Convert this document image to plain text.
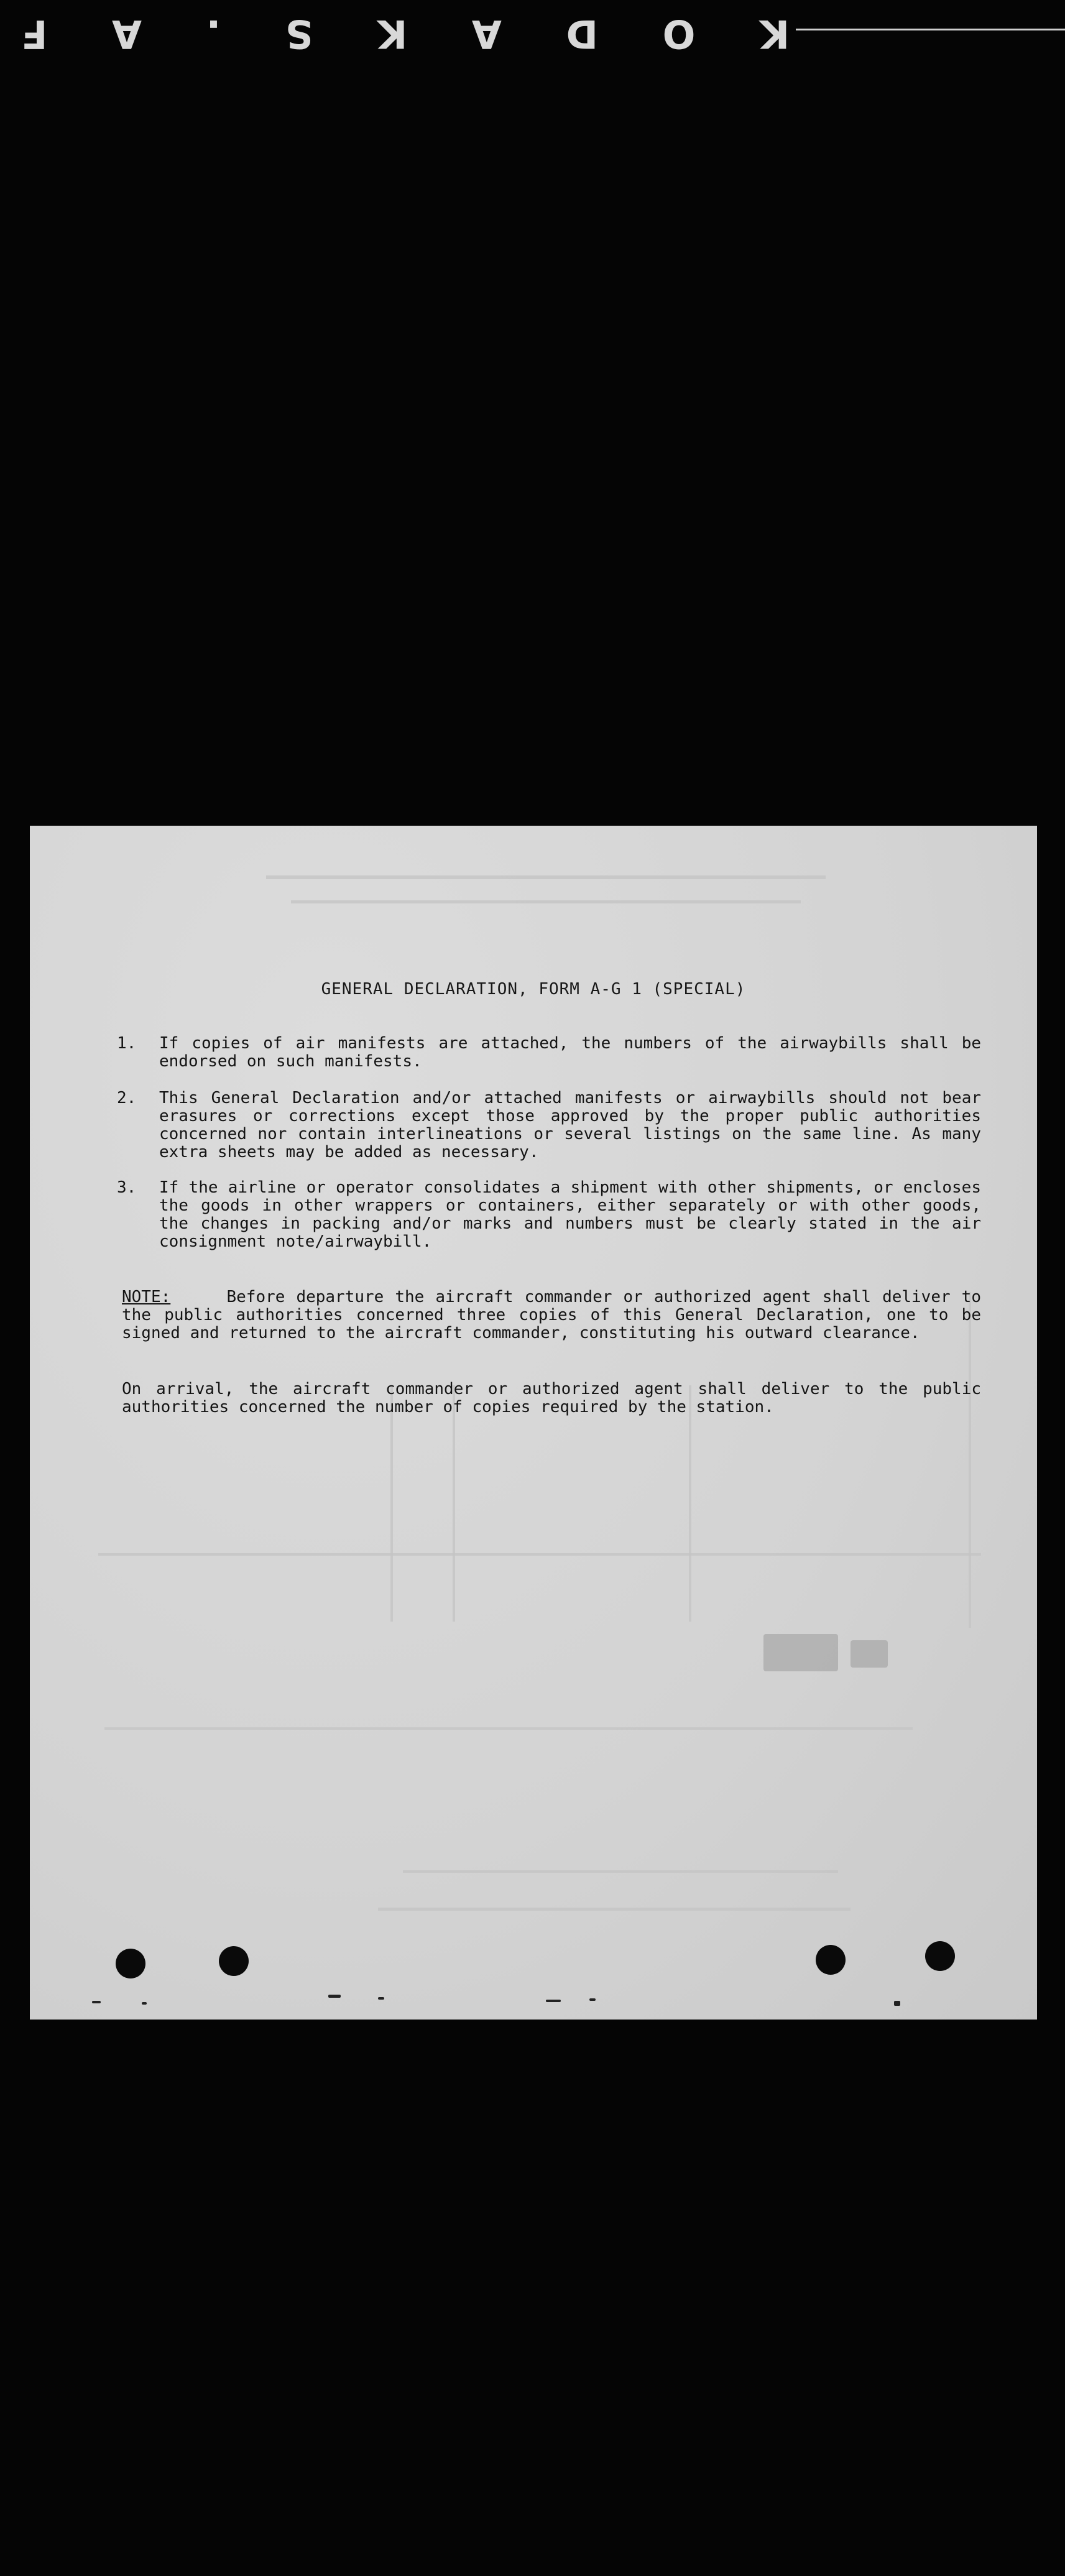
K
O
D
A
K
S
.
A
F
GENERAL DECLARATION, FORM A-G 1 (SPECIAL)
1.	If copies of air manifests are attached, the numbers of the airwaybills shall be endorsed on such manifests.
2.	This General Declaration and/or attached manifests or airwaybills should not bear erasures or corrections except those approved by the proper public authorities concerned nor contain interlineations or several listings on the same line. As many extra sheets may be added as necessary.
3.	If the airline or operator consolidates a shipment with other shipments, or encloses the goods in other wrappers or containers, either separately or with other goods, the changes in packing and/or marks and numbers must be clearly stated in the air consignment note/airwaybill.
NOTE:	Before departure the aircraft commander or authorized agent shall deliver to the public authorities concerned three copies of this General Declaration, one to be signed and returned to the aircraft commander, constituting his outward clearance.
On arrival, the aircraft commander or authorized agent shall deliver to the public authorities concerned the number of copies required by the station.
